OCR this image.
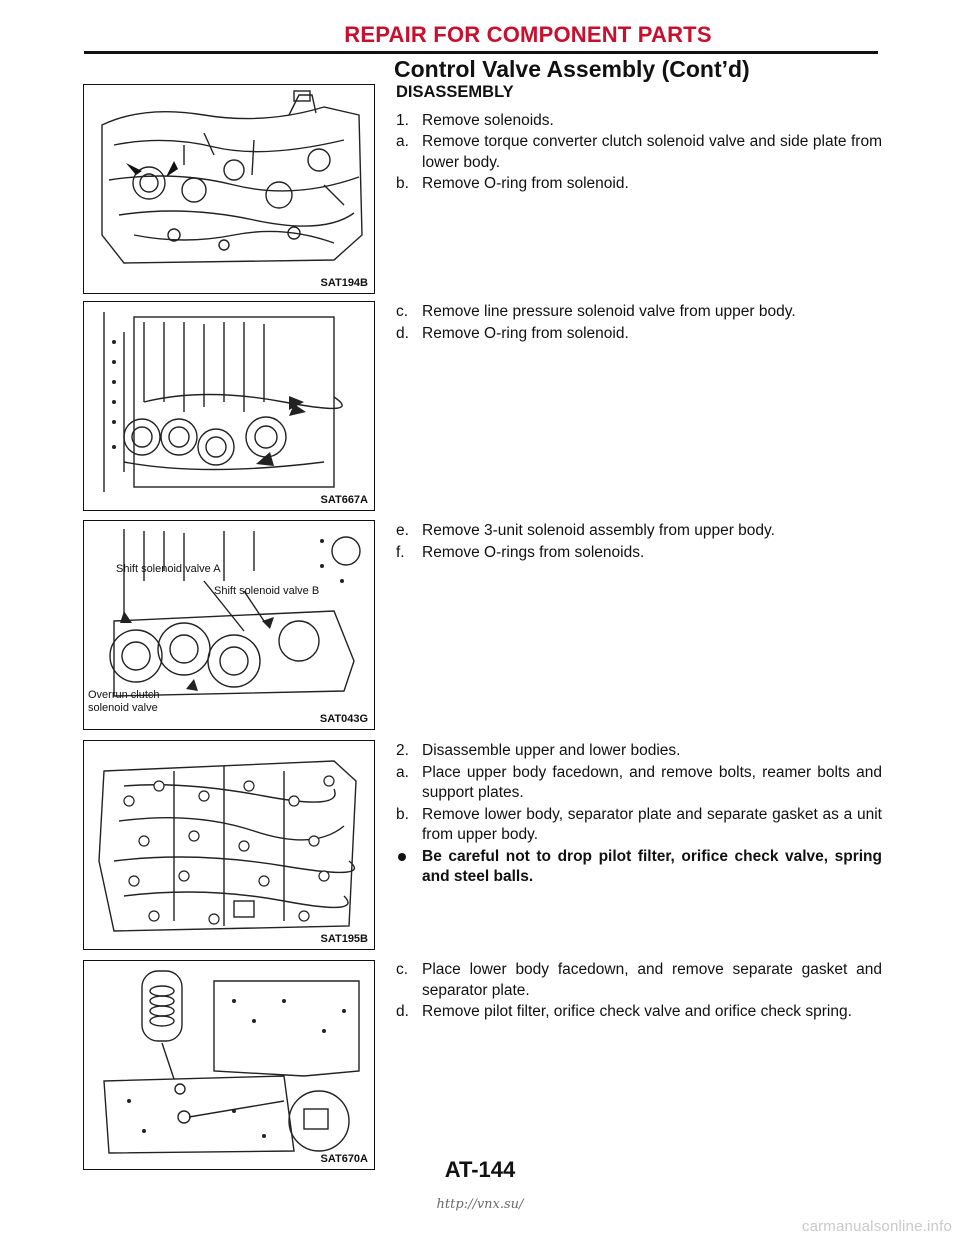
REPAIR FOR COMPONENT PARTS
Control Valve Assembly (Cont’d)
SAT194B
SAT667A
Shift solenoid valve A
Shift solenoid valve B
Overrun clutch
solenoid valve
SAT043G
SAT195B
SAT670A
DISASSEMBLY
1. Remove solenoids.
a. Remove torque converter clutch solenoid valve and side plate from lower body.
b. Remove O-ring from solenoid.
c. Remove line pressure solenoid valve from upper body.
d. Remove O-ring from solenoid.
e. Remove 3-unit solenoid assembly from upper body.
f. Remove O-rings from solenoids.
2. Disassemble upper and lower bodies.
a. Place upper body facedown, and remove bolts, reamer bolts and support plates.
b. Remove lower body, separator plate and separate gasket as a unit from upper body.
Be careful not to drop pilot filter, orifice check valve, spring and steel balls.
c. Place lower body facedown, and remove separate gasket and separator plate.
d. Remove pilot filter, orifice check valve and orifice check spring.
AT-144
http://vnx.su/
carmanualsonline.info
